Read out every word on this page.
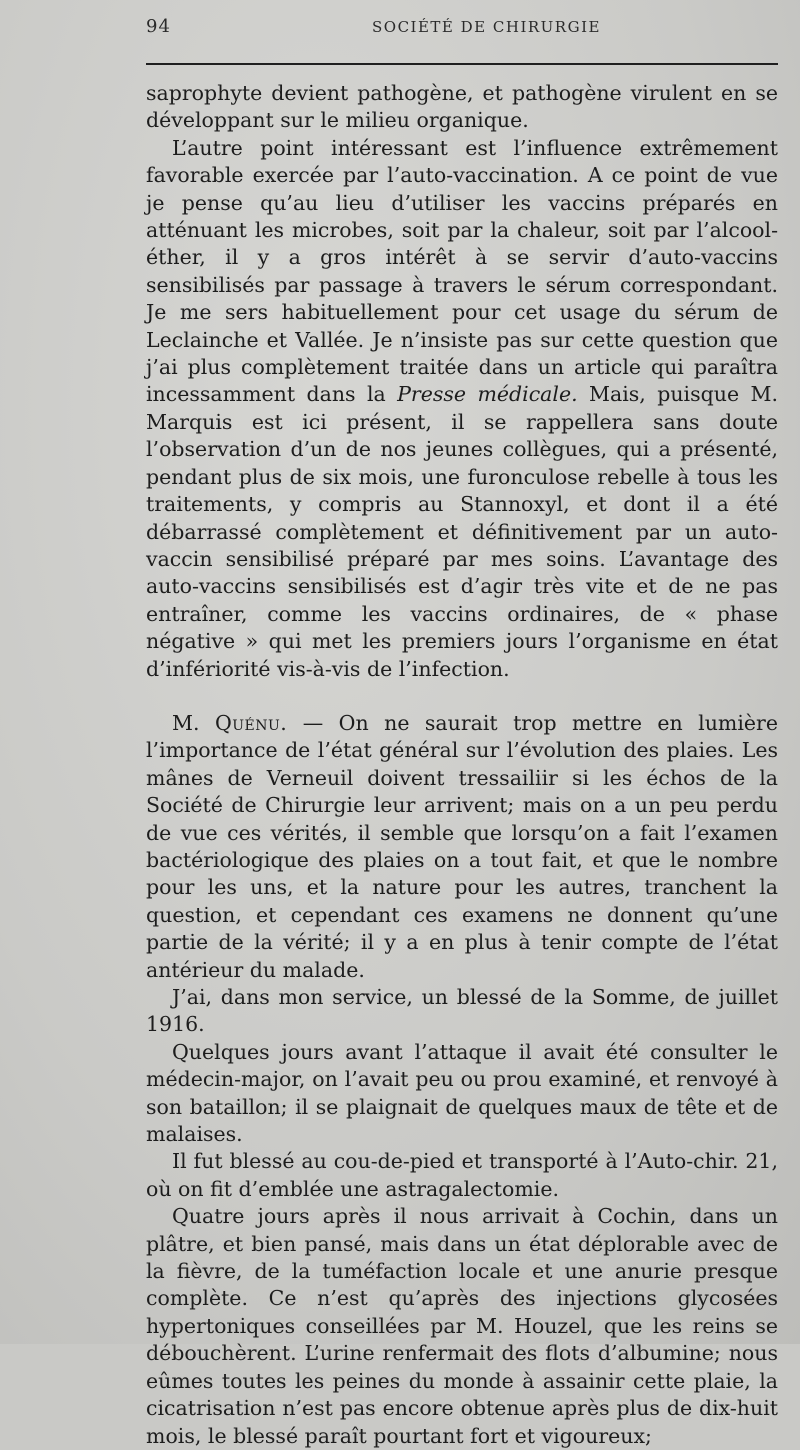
94	SOCIÉTÉ DE CHIRURGIE

saprophyte devient pathogène, et pathogène virulent en se développant sur le milieu organique.

L’autre point intéressant est l’influence extrêmement favorable exercée par l’auto-vaccination. A ce point de vue je pense qu’au lieu d’utiliser les vaccins préparés en atténuant les microbes, soit par la chaleur, soit par l’alcool-éther, il y a gros intérêt à se servir d’auto-vaccins sensibilisés par passage à travers le sérum correspondant. Je me sers habituellement pour cet usage du sérum de Leclainche et Vallée. Je n’insiste pas sur cette question que j’ai plus complètement traitée dans un article qui paraîtra incessamment dans la Presse médicale. Mais, puisque M. Marquis est ici présent, il se rappellera sans doute l’observation d’un de nos jeunes collègues, qui a présenté, pendant plus de six mois, une furonculose rebelle à tous les traitements, y compris au Stannoxyl, et dont il a été débarrassé complètement et définitivement par un auto-vaccin sensibilisé préparé par mes soins. L’avantage des auto-vaccins sensibilisés est d’agir très vite et de ne pas entraîner, comme les vaccins ordinaires, de « phase négative » qui met les premiers jours l’organisme en état d’infériorité vis-à-vis de l’infection.

M. Quénu. — On ne saurait trop mettre en lumière l’importance de l’état général sur l’évolution des plaies. Les mânes de Verneuil doivent tressailiir si les échos de la Société de Chirurgie leur arrivent; mais on a un peu perdu de vue ces vérités, il semble que lorsqu’on a fait l’examen bactériologique des plaies on a tout fait, et que le nombre pour les uns, et la nature pour les autres, tranchent la question, et cependant ces examens ne donnent qu’une partie de la vérité; il y a en plus à tenir compte de l’état antérieur du malade.

J’ai, dans mon service, un blessé de la Somme, de juillet 1916.

Quelques jours avant l’attaque il avait été consulter le médecin-major, on l’avait peu ou prou examiné, et renvoyé à son bataillon; il se plaignait de quelques maux de tête et de malaises.

Il fut blessé au cou-de-pied et transporté à l’Auto-chir. 21, où on fit d’emblée une astragalectomie.

Quatre jours après il nous arrivait à Cochin, dans un plâtre, et bien pansé, mais dans un état déplorable avec de la fièvre, de la tuméfaction locale et une anurie presque complète. Ce n’est qu’après des injections glycosées hypertoniques conseillées par M. Houzel, que les reins se débouchèrent. L’urine renfermait des flots d’albumine; nous eûmes toutes les peines du monde à assainir cette plaie, la cicatrisation n’est pas encore obtenue après plus de dix-huit mois, le blessé paraît pourtant fort et vigoureux;
